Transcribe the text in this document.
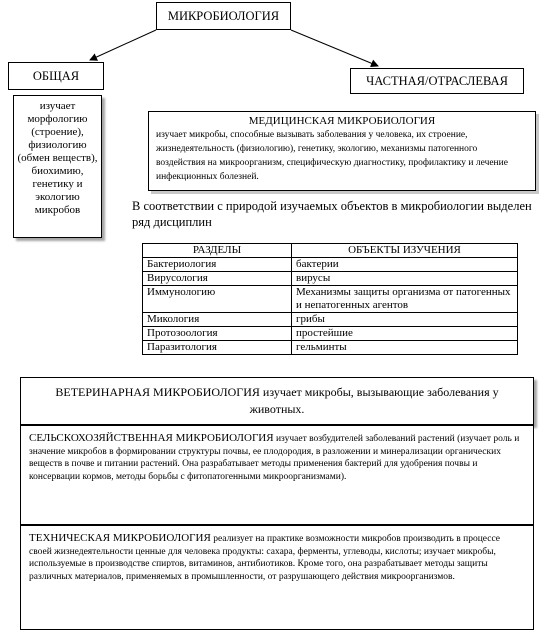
МИКРОБИОЛОГИЯ
ОБЩАЯ
изучает морфологию (строение), физиологию (обмен веществ), биохимию, генетику и экологию микробов
ЧАСТНАЯ/ОТРАСЛЕВАЯ
МЕДИЦИНСКАЯ МИКРОБИОЛОГИЯ
изучает микробы, способные вызывать заболевания у человека, их строение, жизнедеятельность (физиологию), генетику, экологию, механизмы патогенного воздействия на микроорганизм, специфическую диагностику, профилактику и лечение инфекционных болезней.
В соответствии с природой изучаемых объектов в микробиологии выделен ряд дисциплин
РАЗДЕЛЫ	ОБЪЕКТЫ ИЗУЧЕНИЯ
Бактериология	бактерии
Вирусология	вирусы
Иммунологию	Механизмы защиты организма от патогенных и непатогенных агентов
Микология	грибы
Протозоология	простейшие
Паразитология	гельминты
ВЕТЕРИНАРНАЯ МИКРОБИОЛОГИЯ изучает микробы, вызывающие заболевания у животных.
СЕЛЬСКОХОЗЯЙСТВЕННАЯ МИКРОБИОЛОГИЯ изучает возбудителей заболеваний растений (изучает роль и значение микробов в формировании структуры почвы, ее плодородия, в разложении и минерализации органических веществ в почве и питании растений. Она разрабатывает методы применения бактерий для удобрения почвы и консервации кормов, методы борьбы с фитопатогенными микроорганизмами).
ТЕХНИЧЕСКАЯ МИКРОБИОЛОГИЯ реализует на практике возможности микробов производить в процессе своей жизнедеятельности ценные для человека продукты: сахара, ферменты, углеводы, кислоты; изучает микробы, используемые в производстве спиртов, витаминов, антибиотиков. Кроме того, она разрабатывает методы защиты различных материалов, применяемых в промышленности, от разрушающего действия микроорганизмов.
